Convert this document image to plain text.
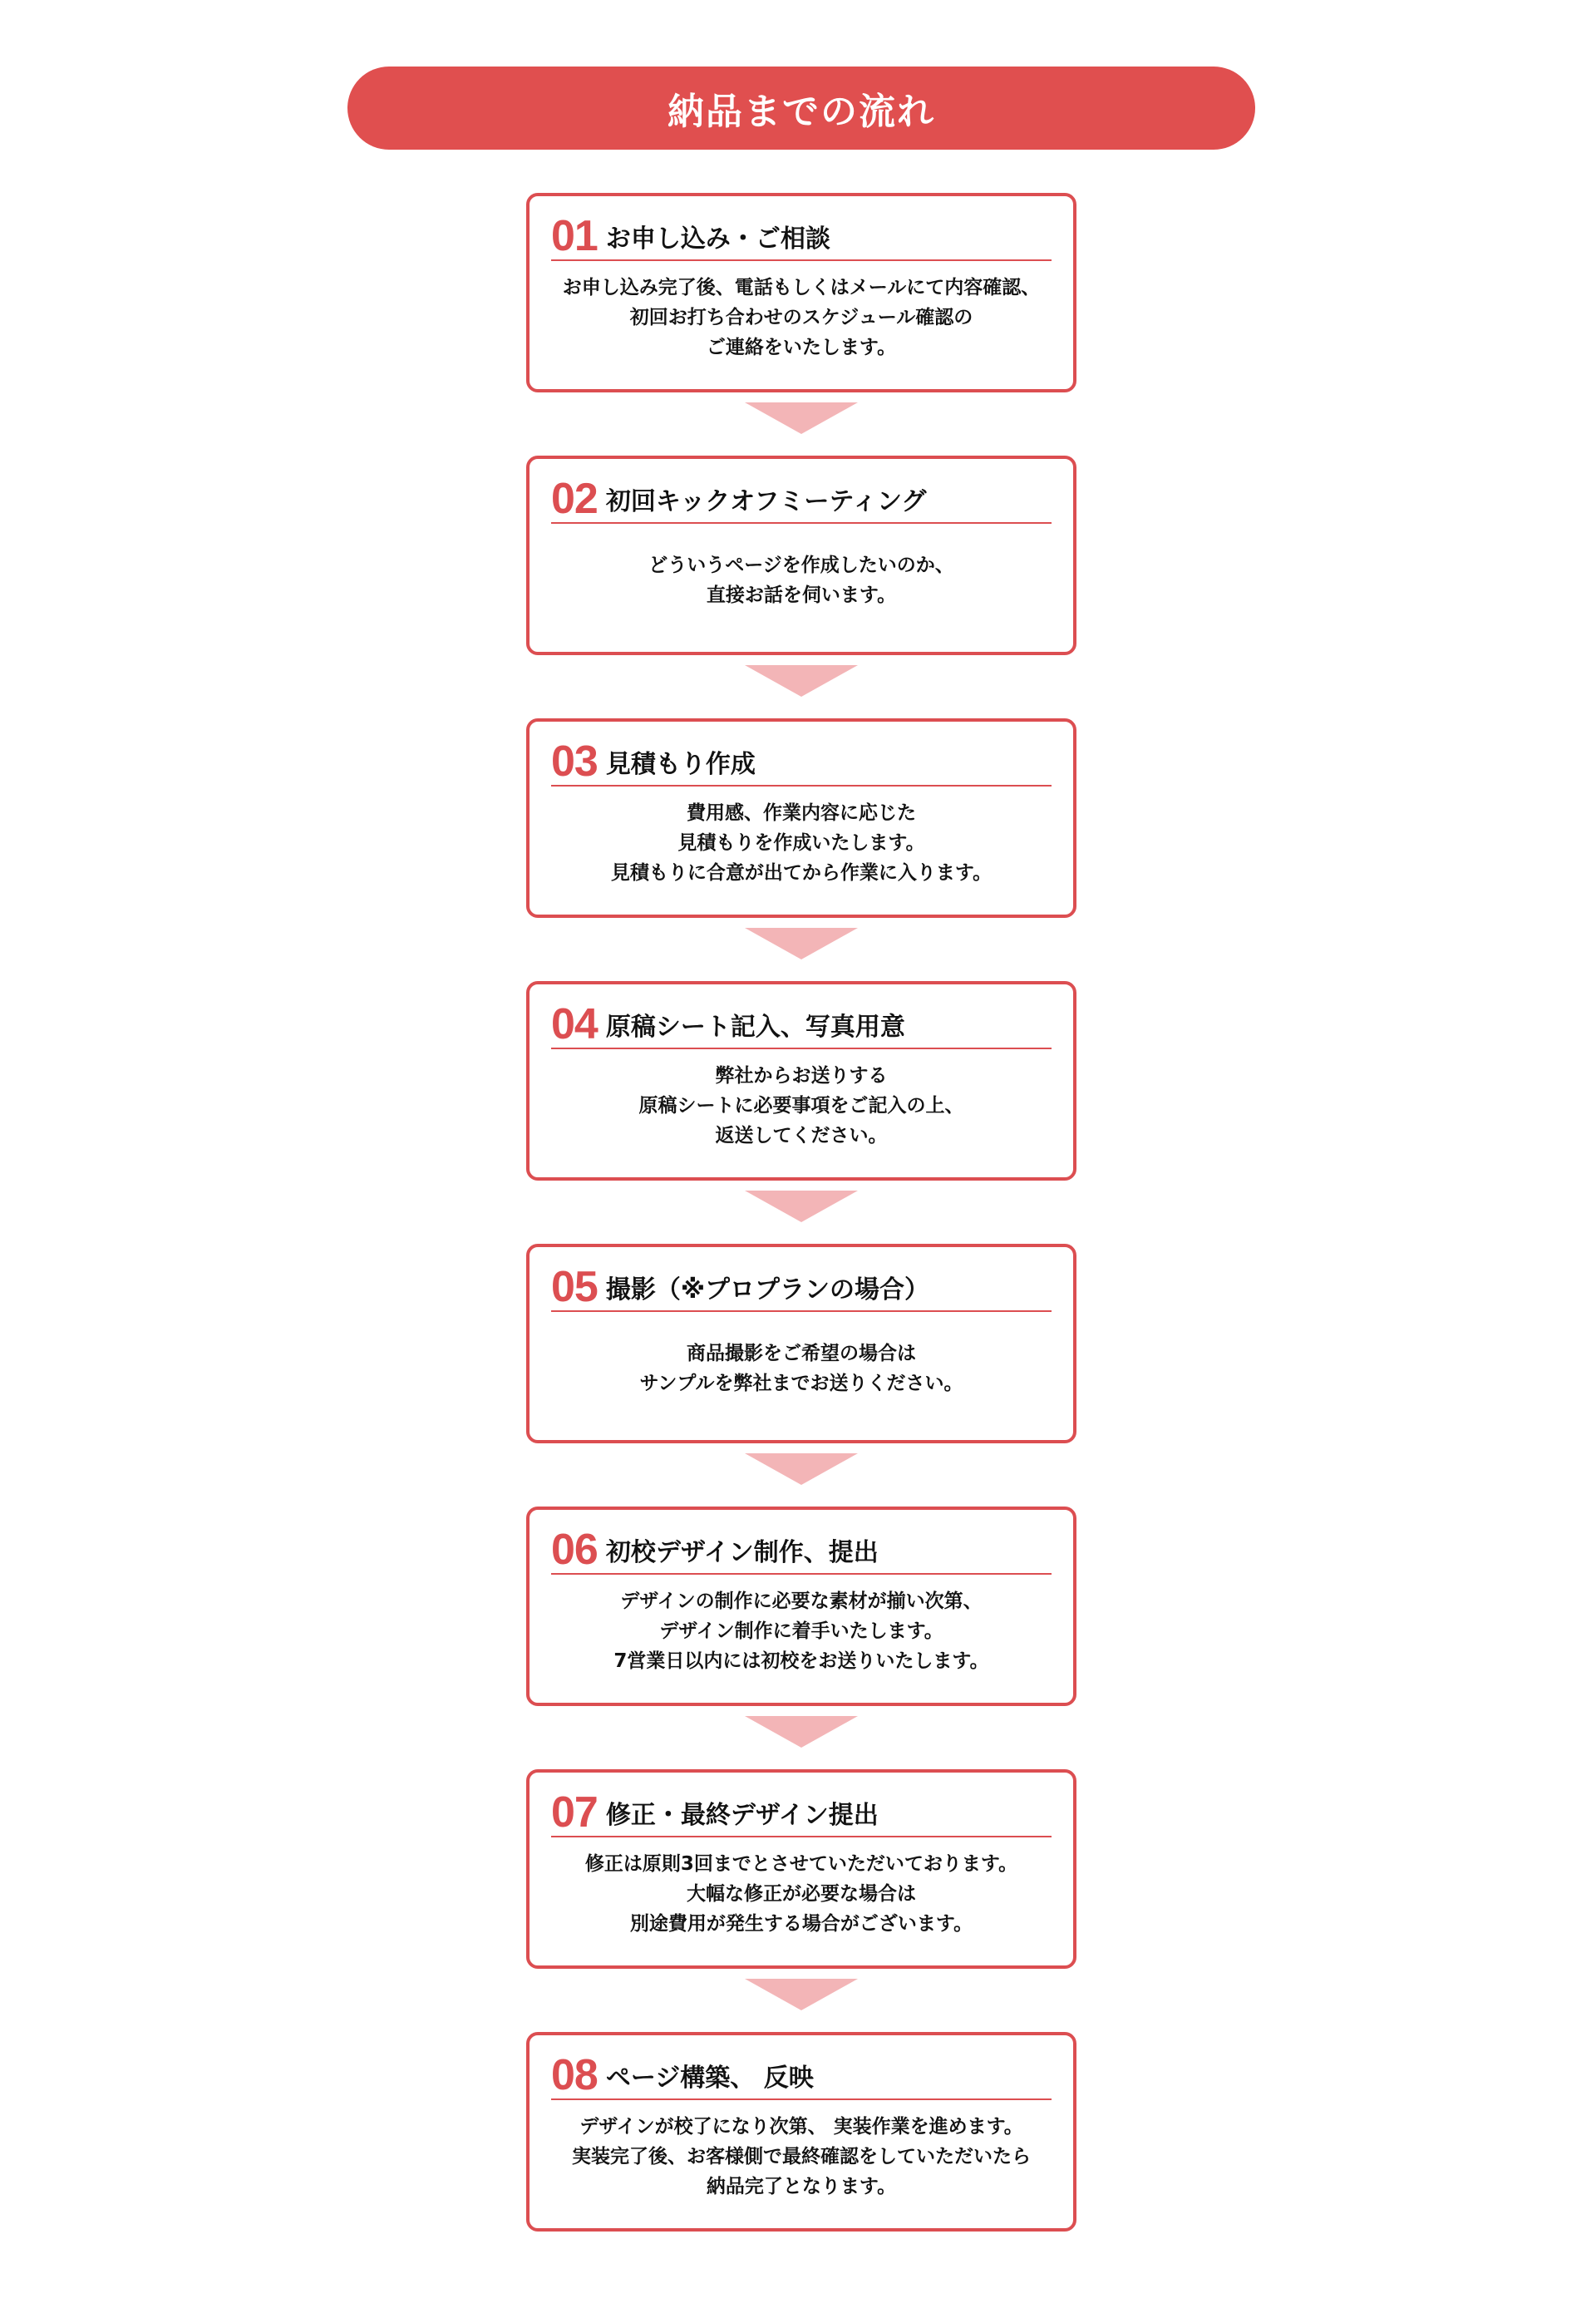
納品までの流れ
01 お申し込み・ご相談
お申し込み完了後、電話もしくはメールにて内容確認、
初回お打ち合わせのスケジュール確認の
ご連絡をいたします。
02 初回キックオフミーティング
どういうページを作成したいのか、
直接お話を伺います。
03 見積もり作成
費用感、作業内容に応じた
見積もりを作成いたします。
見積もりに合意が出てから作業に入ります。
04 原稿シート記入、写真用意
弊社からお送りする
原稿シートに必要事項をご記入の上、
返送してください。
05 撮影（※プロプランの場合）
商品撮影をご希望の場合は
サンプルを弊社までお送りください。
06 初校デザイン制作、提出
デザインの制作に必要な素材が揃い次第、
デザイン制作に着手いたします。
7営業日以内には初校をお送りいたします。
07 修正・最終デザイン提出
修正は原則3回までとさせていただいております。
大幅な修正が必要な場合は
別途費用が発生する場合がございます。
08 ページ構築、 反映
デザインが校了になり次第、 実装作業を進めます。
実装完了後、お客様側で最終確認をしていただいたら
納品完了となります。
